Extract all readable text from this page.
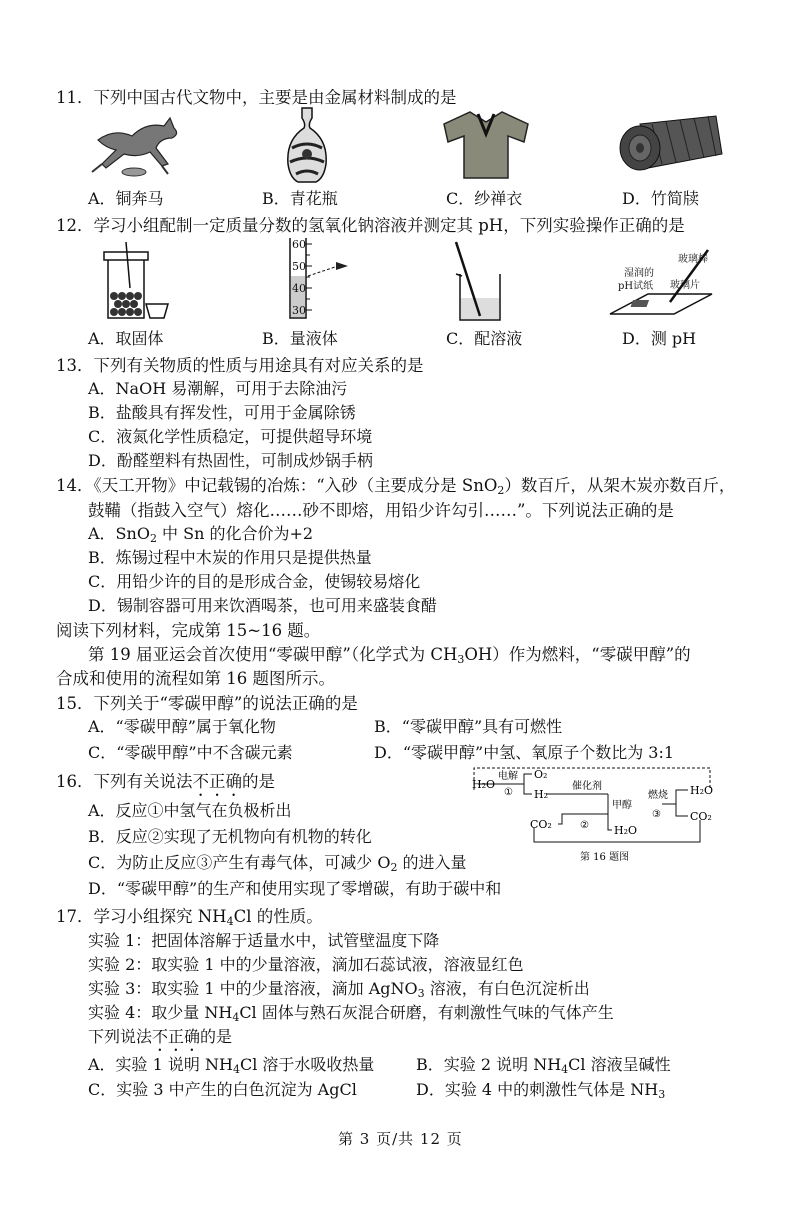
11．下列中国古代文物中，主要是由金属材料制成的是
A．铜奔马	B．青花瓶	C．纱禅衣	D．竹简牍
12．学习小组配制一定质量分数的氢氧化钠溶液并测定其 pH，下列实验操作正确的是
60
50
40
30
玻璃棒
湿润的
pH试纸 玻璃片
A．取固体	B．量液体	C．配溶液	D．测 pH
13．下列有关物质的性质与用途具有对应关系的是
A．NaOH 易潮解，可用于去除油污
B．盐酸具有挥发性，可用于金属除锈
C．液氮化学性质稳定，可提供超导环境
D．酚醛塑料有热固性，可制成炒锅手柄
14．《天工开物》中记载锡的冶炼：“入砂（主要成分是 SnO$_2$）数百斤，从架木炭亦数百斤，
鼓鞴（指鼓入空气）熔化……砂不即熔，用铅少许勾引……”。下列说法正确的是
A．SnO$_2$ 中 Sn 的化合价为+2
B．炼锡过程中木炭的作用只是提供热量
C．用铅少许的目的是形成合金，使锡较易熔化
D．锡制容器可用来饮酒喝茶，也可用来盛装食醋
阅读下列材料，完成第 15~16 题。
第 19 届亚运会首次使用“零碳甲醇”（化学式为 $CH_3OH$）作为燃料，“零碳甲醇”的
合成和使用的流程如第 16 题图所示。
15．下列关于“零碳甲醇”的说法正确的是
A．“零碳甲醇”属于氧化物	B．“零碳甲醇”具有可燃性
C．“零碳甲醇”中不含碳元素	D．“零碳甲醇”中氢、氧原子个数比为 3:1
16．下列有关说法不正确的是
A．反应①中氢气在负极析出
B．反应②实现了无机物向有机物的转化
C．为防止反应③产生有毒气体，可减少 $O_2$ 的进入量
D．“零碳甲醇”的生产和使用实现了零增碳，有助于碳中和
H₂O
电解
①
O₂
H₂
催化剂
②
CO₂	H₂O
甲醇
燃烧
③
H₂O
CO₂
第 16 题图
17．学习小组探究 $NH_4Cl$ 的性质。
实验 1：把固体溶解于适量水中，试管壁温度下降
实验 2：取实验 1 中的少量溶液，滴加石蕊试液，溶液显红色
实验 3：取实验 1 中的少量溶液，滴加 AgNO$_3$ 溶液，有白色沉淀析出
实验 4：取少量 $NH_4Cl$ 固体与熟石灰混合研磨，有刺激性气味的气体产生
下列说法不正确的是
A．实验 1 说明 $NH_4Cl$ 溶于水吸收热量	B．实验 2 说明 $NH_4Cl$ 溶液呈碱性
C．实验 3 中产生的白色沉淀为 AgCl	D．实验 4 中的刺激性气体是 $NH_3$
第 3 页/共 12 页
